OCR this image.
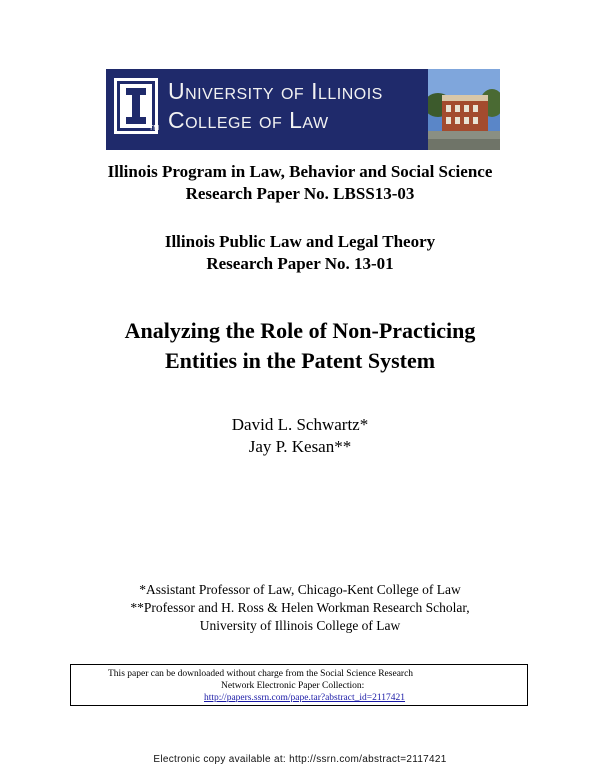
TM
University of Illinois
College of Law
Illinois Program in Law, Behavior and Social Science
Research Paper No. LBSS13-03
Illinois Public Law and Legal Theory
Research Paper No. 13-01
Analyzing the Role of Non-Practicing
Entities in the Patent System
David L. Schwartz*
Jay P. Kesan**
*Assistant Professor of Law, Chicago-Kent College of Law
**Professor and H. Ross & Helen Workman Research Scholar,
University of Illinois College of Law
This paper can be downloaded without charge from the Social Science Research
Network Electronic Paper Collection:
http://papers.ssrn.com/pape.tar?abstract_id=2117421
Electronic copy available at: http://ssrn.com/abstract=2117421
